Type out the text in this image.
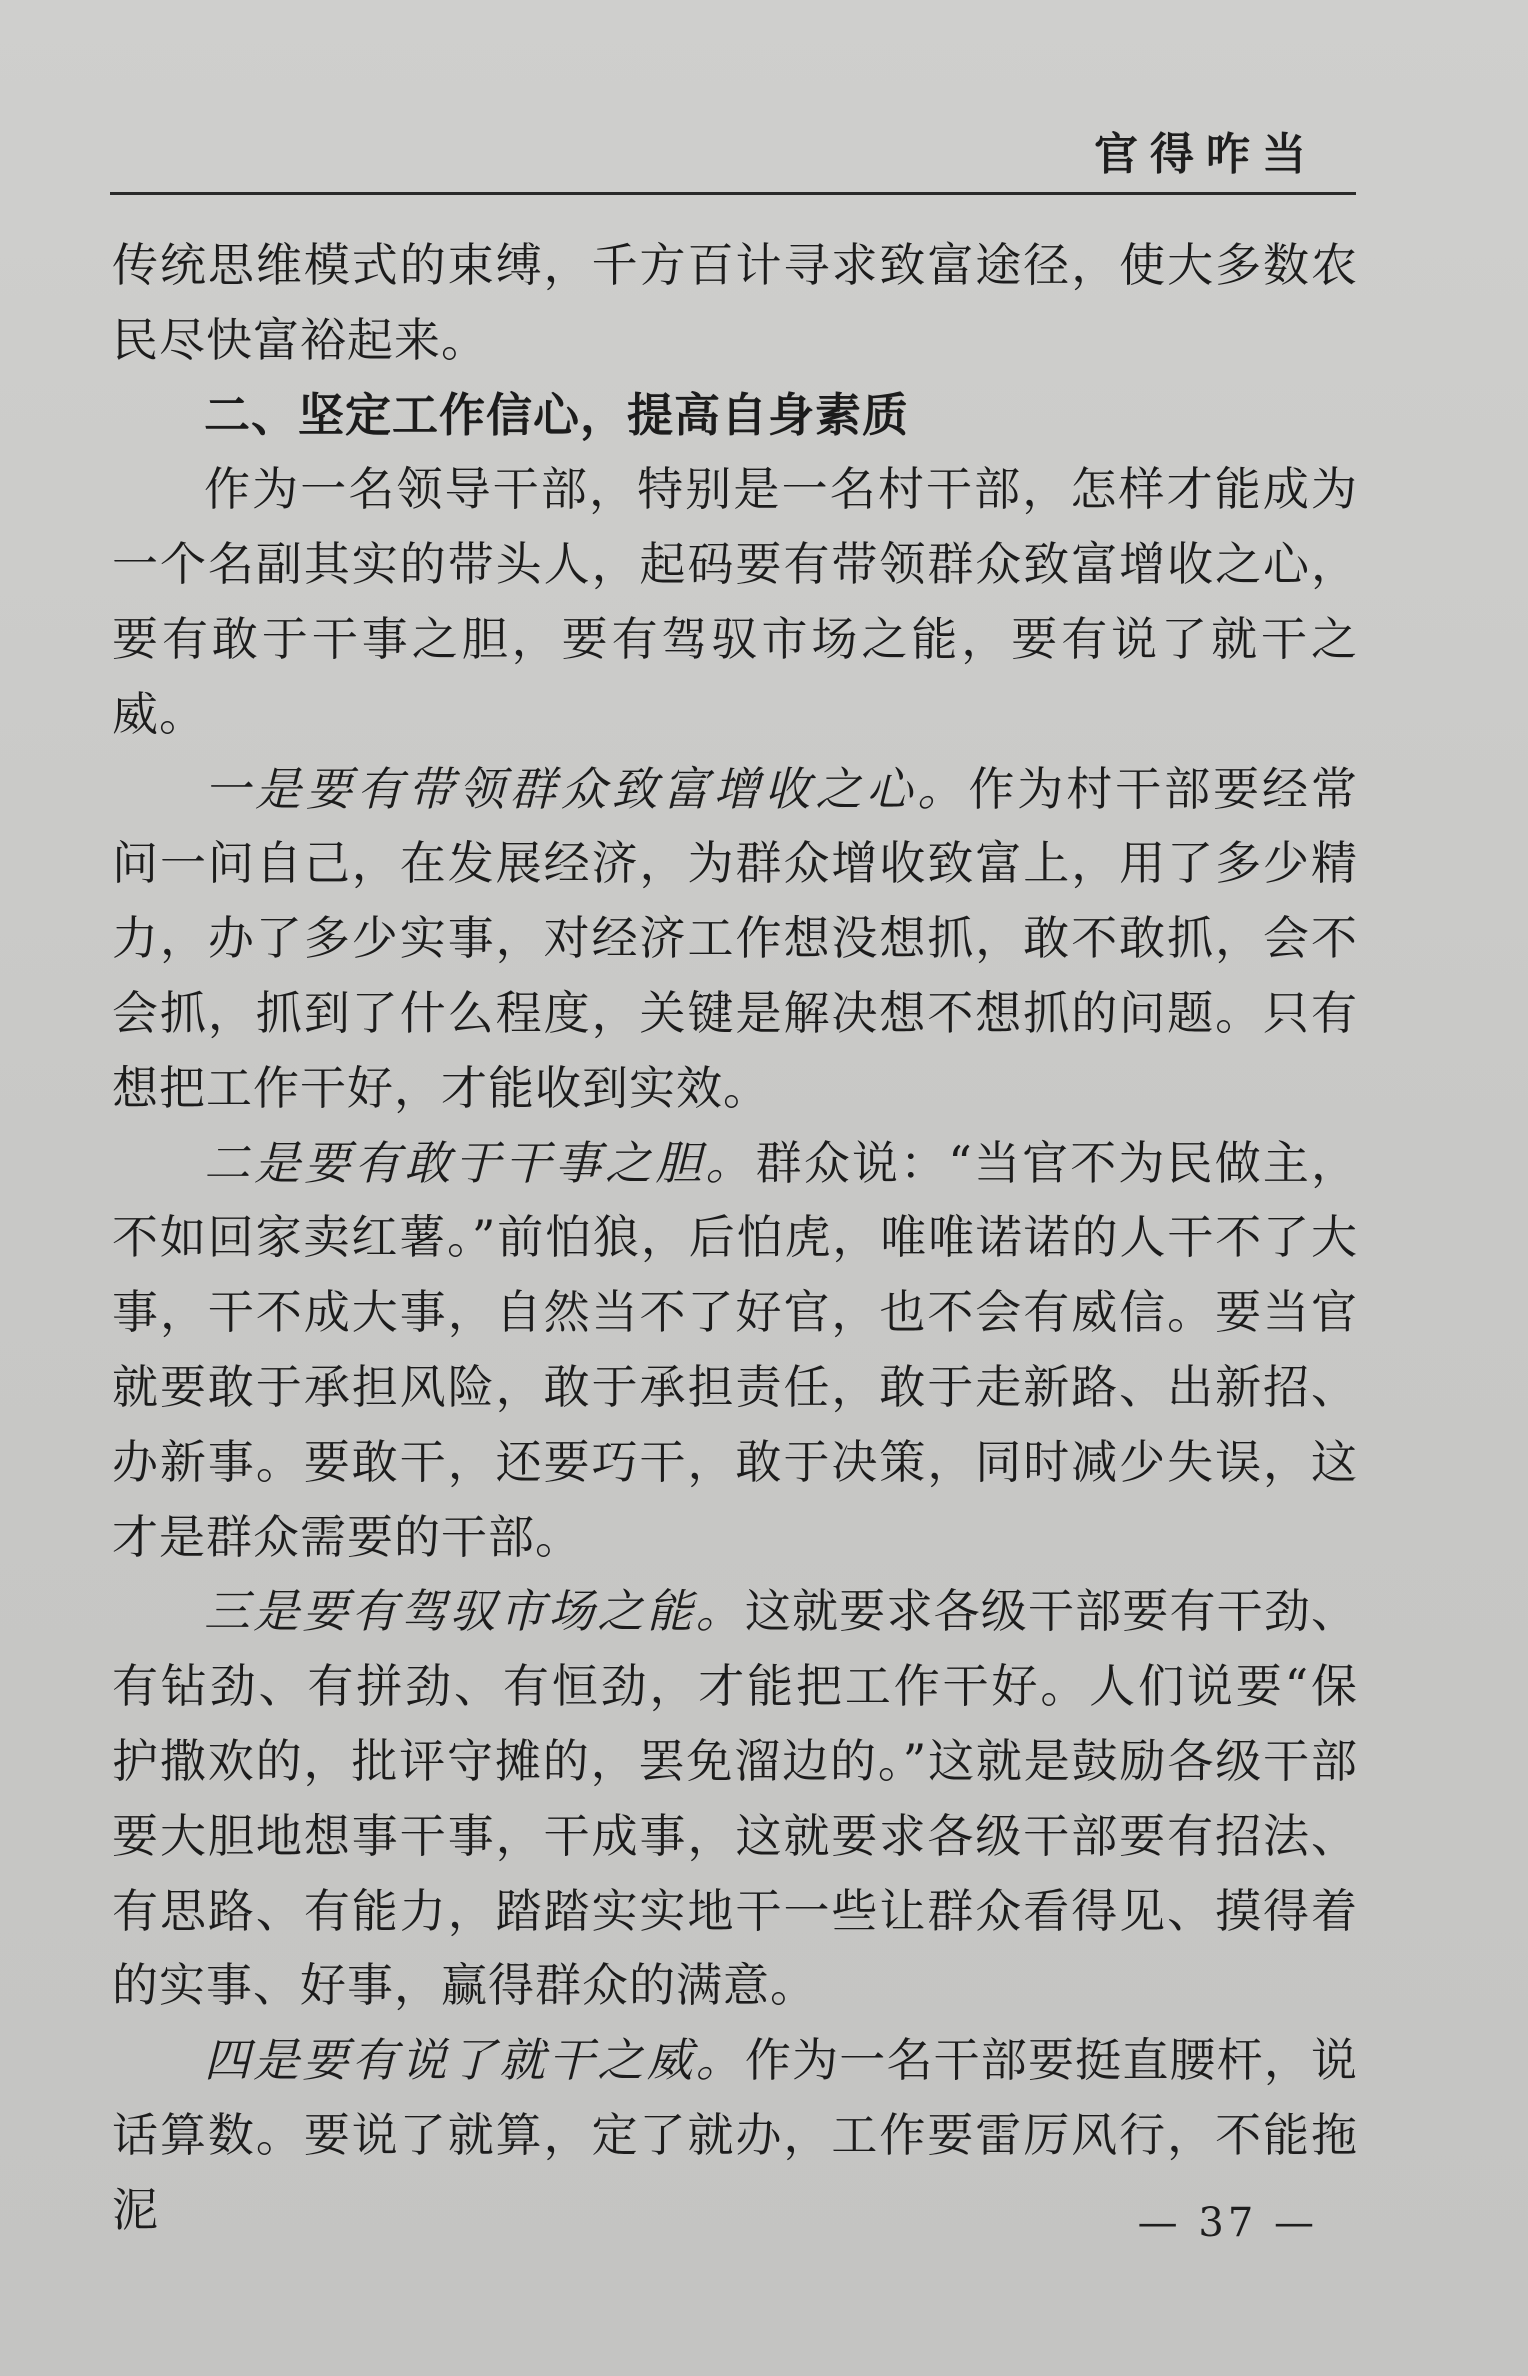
官得咋当

传统思维模式的束缚，千方百计寻求致富途径，使大多数农民尽快富裕起来。

二、坚定工作信心，提高自身素质

作为一名领导干部，特别是一名村干部，怎样才能成为一个名副其实的带头人，起码要有带领群众致富增收之心，要有敢于干事之胆，要有驾驭市场之能，要有说了就干之威。

一是要有带领群众致富增收之心。作为村干部要经常问一问自己，在发展经济，为群众增收致富上，用了多少精力，办了多少实事，对经济工作想没想抓，敢不敢抓，会不会抓，抓到了什么程度，关键是解决想不想抓的问题。只有想把工作干好，才能收到实效。

二是要有敢于干事之胆。群众说：“当官不为民做主，不如回家卖红薯。”前怕狼，后怕虎，唯唯诺诺的人干不了大事，干不成大事，自然当不了好官，也不会有威信。要当官就要敢于承担风险，敢于承担责任，敢于走新路、出新招、办新事。要敢干，还要巧干，敢于决策，同时减少失误，这才是群众需要的干部。

三是要有驾驭市场之能。这就要求各级干部要有干劲、有钻劲、有拼劲、有恒劲，才能把工作干好。人们说要“保护撒欢的，批评守摊的，罢免溜边的。”这就是鼓励各级干部要大胆地想事干事，干成事，这就要求各级干部要有招法、有思路、有能力，踏踏实实地干一些让群众看得见、摸得着的实事、好事，赢得群众的满意。

四是要有说了就干之威。作为一名干部要挺直腰杆，说话算数。要说了就算，定了就办，工作要雷厉风行，不能拖泥	— 37 —
